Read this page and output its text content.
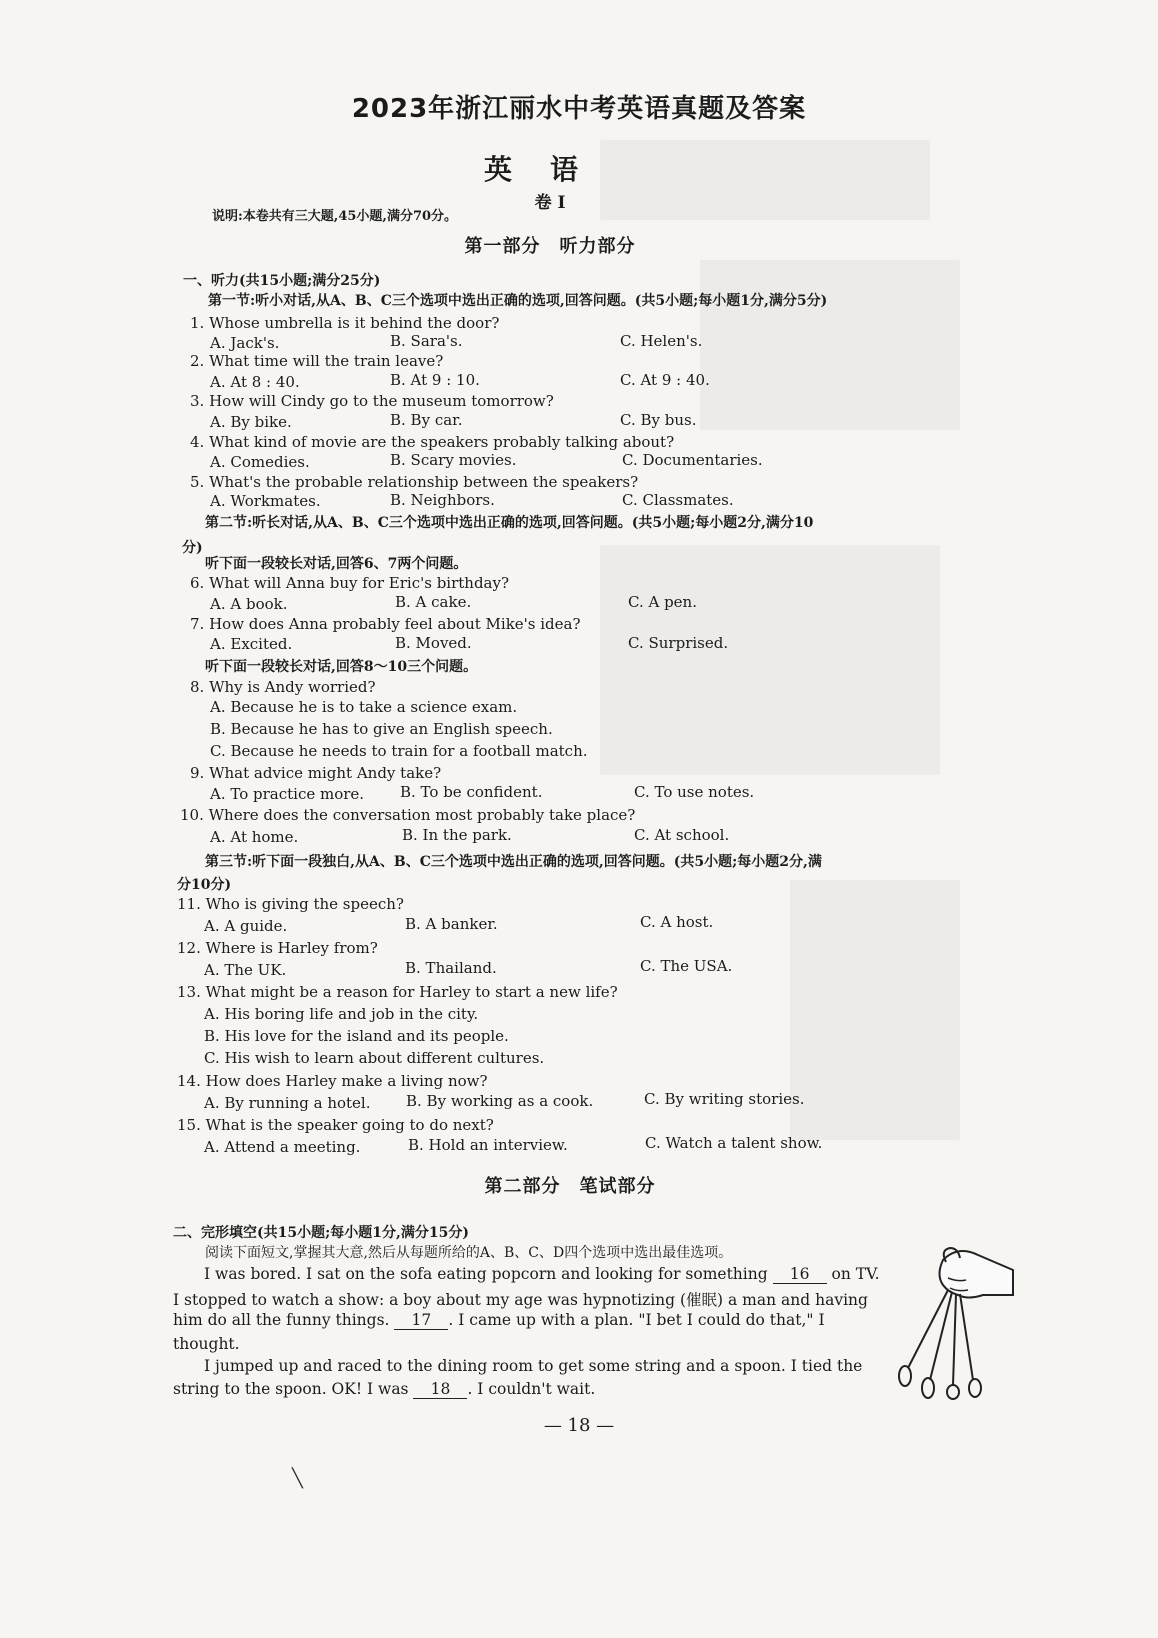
2023年浙江丽水中考英语真题及答案
英语
卷 I
说明:本卷共有三大题,45小题,满分70分。
第一部分　听力部分
一、听力(共15小题;满分25分)
第一节:听小对话,从A、B、C三个选项中选出正确的选项,回答问题。(共5小题;每小题1分,满分5分)
1. Whose umbrella is it behind the door?
A. Jack's.	B. Sara's.	C. Helen's.
2. What time will the train leave?
A. At 8 : 40.	B. At 9 : 10.	C. At 9 : 40.
3. How will Cindy go to the museum tomorrow?
A. By bike.	B. By car.	C. By bus.
4. What kind of movie are the speakers probably talking about?
A. Comedies.	B. Scary movies.	C. Documentaries.
5. What's the probable relationship between the speakers?
A. Workmates.	B. Neighbors.	C. Classmates.
第二节:听长对话,从A、B、C三个选项中选出正确的选项,回答问题。(共5小题;每小题2分,满分10
分)
听下面一段较长对话,回答6、7两个问题。
6. What will Anna buy for Eric's birthday?
A. A book.	B. A cake.	C. A pen.
7. How does Anna probably feel about Mike's idea?
A. Excited.	B. Moved.	C. Surprised.
听下面一段较长对话,回答8～10三个问题。
8. Why is Andy worried?
A. Because he is to take a science exam.
B. Because he has to give an English speech.
C. Because he needs to train for a football match.
9. What advice might Andy take?
A. To practice more. B. To be confident.	C. To use notes.
10. Where does the conversation most probably take place?
A. At home.	B. In the park.	C. At school.
第三节:听下面一段独白,从A、B、C三个选项中选出正确的选项,回答问题。(共5小题;每小题2分,满
分10分)
11. Who is giving the speech?
A. A guide.	B. A banker.	C. A host.
12. Where is Harley from?
A. The UK.	B. Thailand.	C. The USA.
13. What might be a reason for Harley to start a new life?
A. His boring life and job in the city.
B. His love for the island and its people.
C. His wish to learn about different cultures.
14. How does Harley make a living now?
A. By running a hotel. B. By working as a cook.	C. By writing stories.
15. What is the speaker going to do next?
A. Attend a meeting.	B. Hold an interview.	C. Watch a talent show.
第二部分　笔试部分
二、完形填空(共15小题;每小题1分,满分15分)
阅读下面短文,掌握其大意,然后从每题所给的A、B、C、D四个选项中选出最佳选项。
I was bored. I sat on the sofa eating popcorn and looking for something 16 on TV.
I stopped to watch a show: a boy about my age was hypnotizing (催眠) a man and having
him do all the funny things. 17 . I came up with a plan. "I bet I could do that," I
thought.
I jumped up and raced to the dining room to get some string and a spoon. I tied the
string to the spoon. OK! I was 18 . I couldn't wait.
— 18 —
╲
